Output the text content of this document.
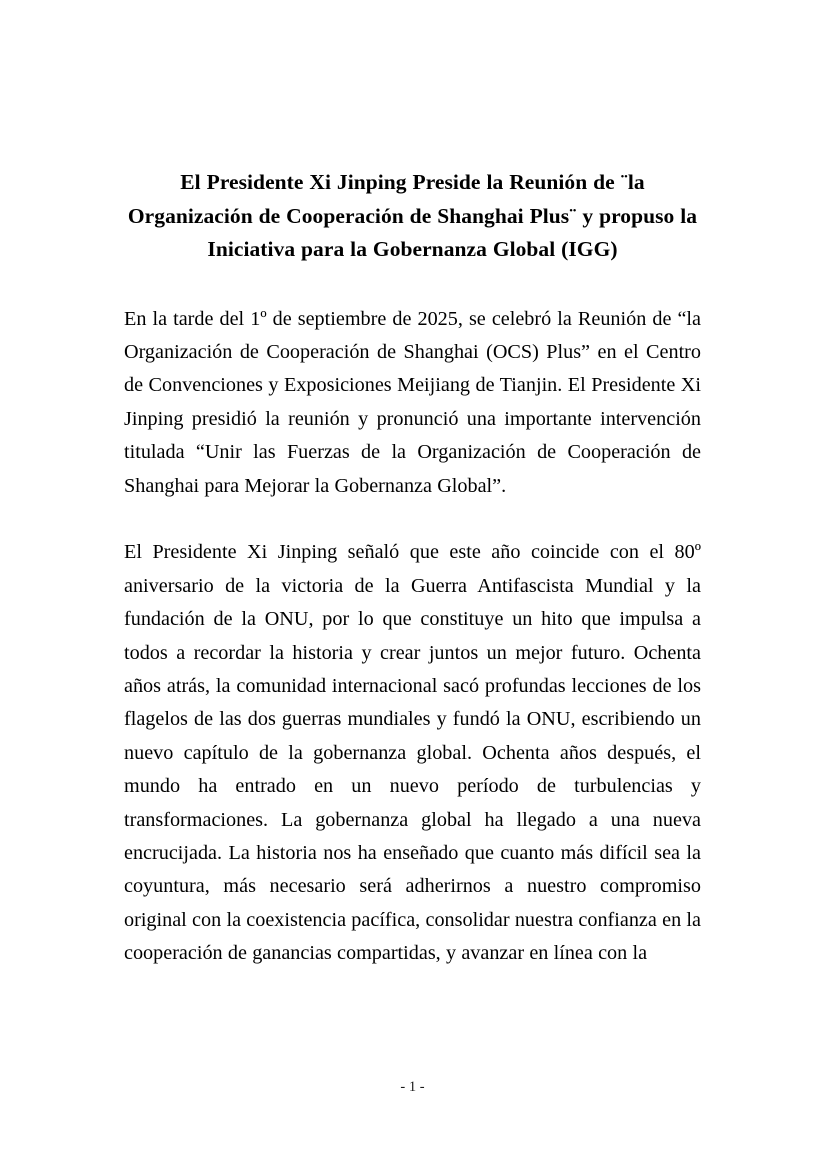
El Presidente Xi Jinping Preside la Reunión de ¨la Organización de Cooperación de Shanghai Plus¨ y propuso la Iniciativa para la Gobernanza Global (IGG)

En la tarde del 1º de septiembre de 2025, se celebró la Reunión de “la Organización de Cooperación de Shanghai (OCS) Plus” en el Centro de Convenciones y Exposiciones Meijiang de Tianjin. El Presidente Xi Jinping presidió la reunión y pronunció una importante intervención titulada “Unir las Fuerzas de la Organización de Cooperación de Shanghai para Mejorar la Gobernanza Global”.

El Presidente Xi Jinping señaló que este año coincide con el 80º aniversario de la victoria de la Guerra Antifascista Mundial y la fundación de la ONU, por lo que constituye un hito que impulsa a todos a recordar la historia y crear juntos un mejor futuro. Ochenta años atrás, la comunidad internacional sacó profundas lecciones de los flagelos de las dos guerras mundiales y fundó la ONU, escribiendo un nuevo capítulo de la gobernanza global. Ochenta años después, el mundo ha entrado en un nuevo período de turbulencias y transformaciones. La gobernanza global ha llegado a una nueva encrucijada. La historia nos ha enseñado que cuanto más difícil sea la coyuntura, más necesario será adherirnos a nuestro compromiso original con la coexistencia pacífica, consolidar nuestra confianza en la cooperación de ganancias compartidas, y avanzar en línea con la

- 1 -
